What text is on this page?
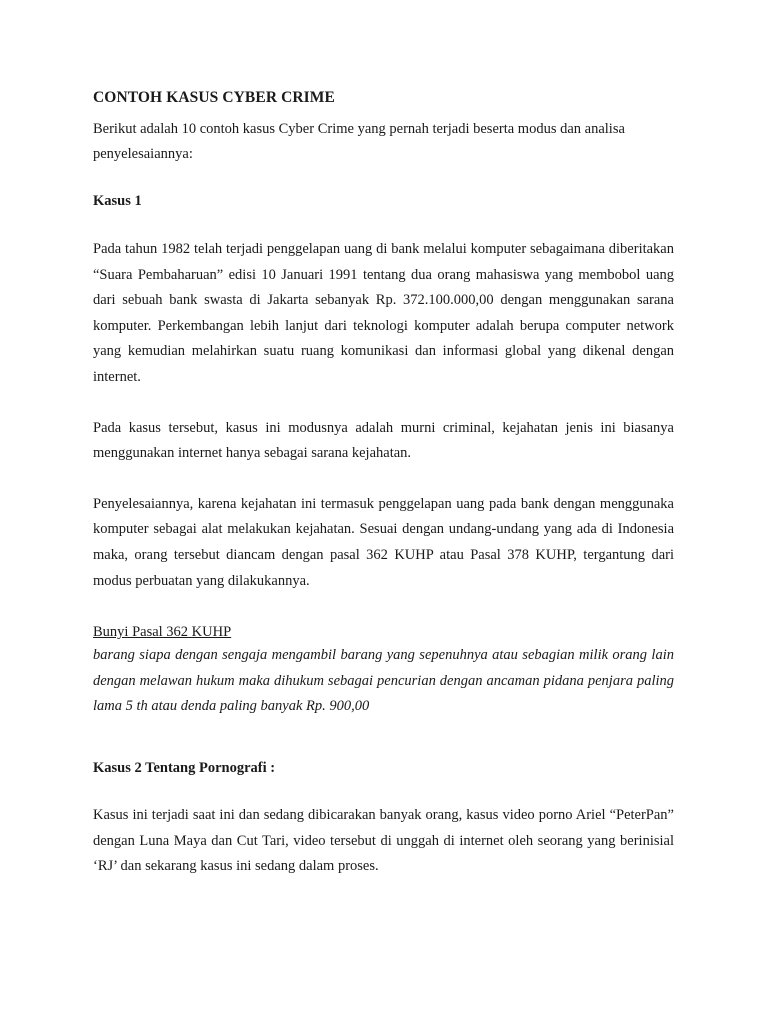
CONTOH KASUS CYBER CRIME

Berikut adalah 10 contoh kasus Cyber Crime yang pernah terjadi beserta modus dan analisa penyelesaiannya:

Kasus 1

Pada tahun 1982 telah terjadi penggelapan uang di bank melalui komputer sebagaimana diberitakan “Suara Pembaharuan” edisi 10 Januari 1991 tentang dua orang mahasiswa yang membobol uang dari sebuah bank swasta di Jakarta sebanyak Rp. 372.100.000,00 dengan menggunakan sarana komputer. Perkembangan lebih lanjut dari teknologi komputer adalah berupa computer network yang kemudian melahirkan suatu ruang komunikasi dan informasi global yang dikenal dengan internet.

Pada kasus tersebut, kasus ini modusnya adalah murni criminal, kejahatan jenis ini biasanya menggunakan internet hanya sebagai sarana kejahatan.

Penyelesaiannya, karena kejahatan ini termasuk penggelapan uang pada bank dengan menggunaka komputer sebagai alat melakukan kejahatan. Sesuai dengan undang-undang yang ada di Indonesia maka, orang tersebut diancam dengan pasal 362 KUHP atau Pasal 378 KUHP, tergantung dari modus perbuatan yang dilakukannya.

Bunyi Pasal 362 KUHP

barang siapa dengan sengaja mengambil barang yang sepenuhnya atau sebagian milik orang lain dengan melawan hukum maka dihukum sebagai pencurian dengan ancaman pidana penjara paling lama 5 th atau denda paling banyak Rp. 900,00

Kasus 2 Tentang Pornografi :

Kasus ini terjadi saat ini dan sedang dibicarakan banyak orang, kasus video porno Ariel “PeterPan” dengan Luna Maya dan Cut Tari, video tersebut di unggah di internet oleh seorang yang berinisial ‘RJ’ dan sekarang kasus ini sedang dalam proses.
